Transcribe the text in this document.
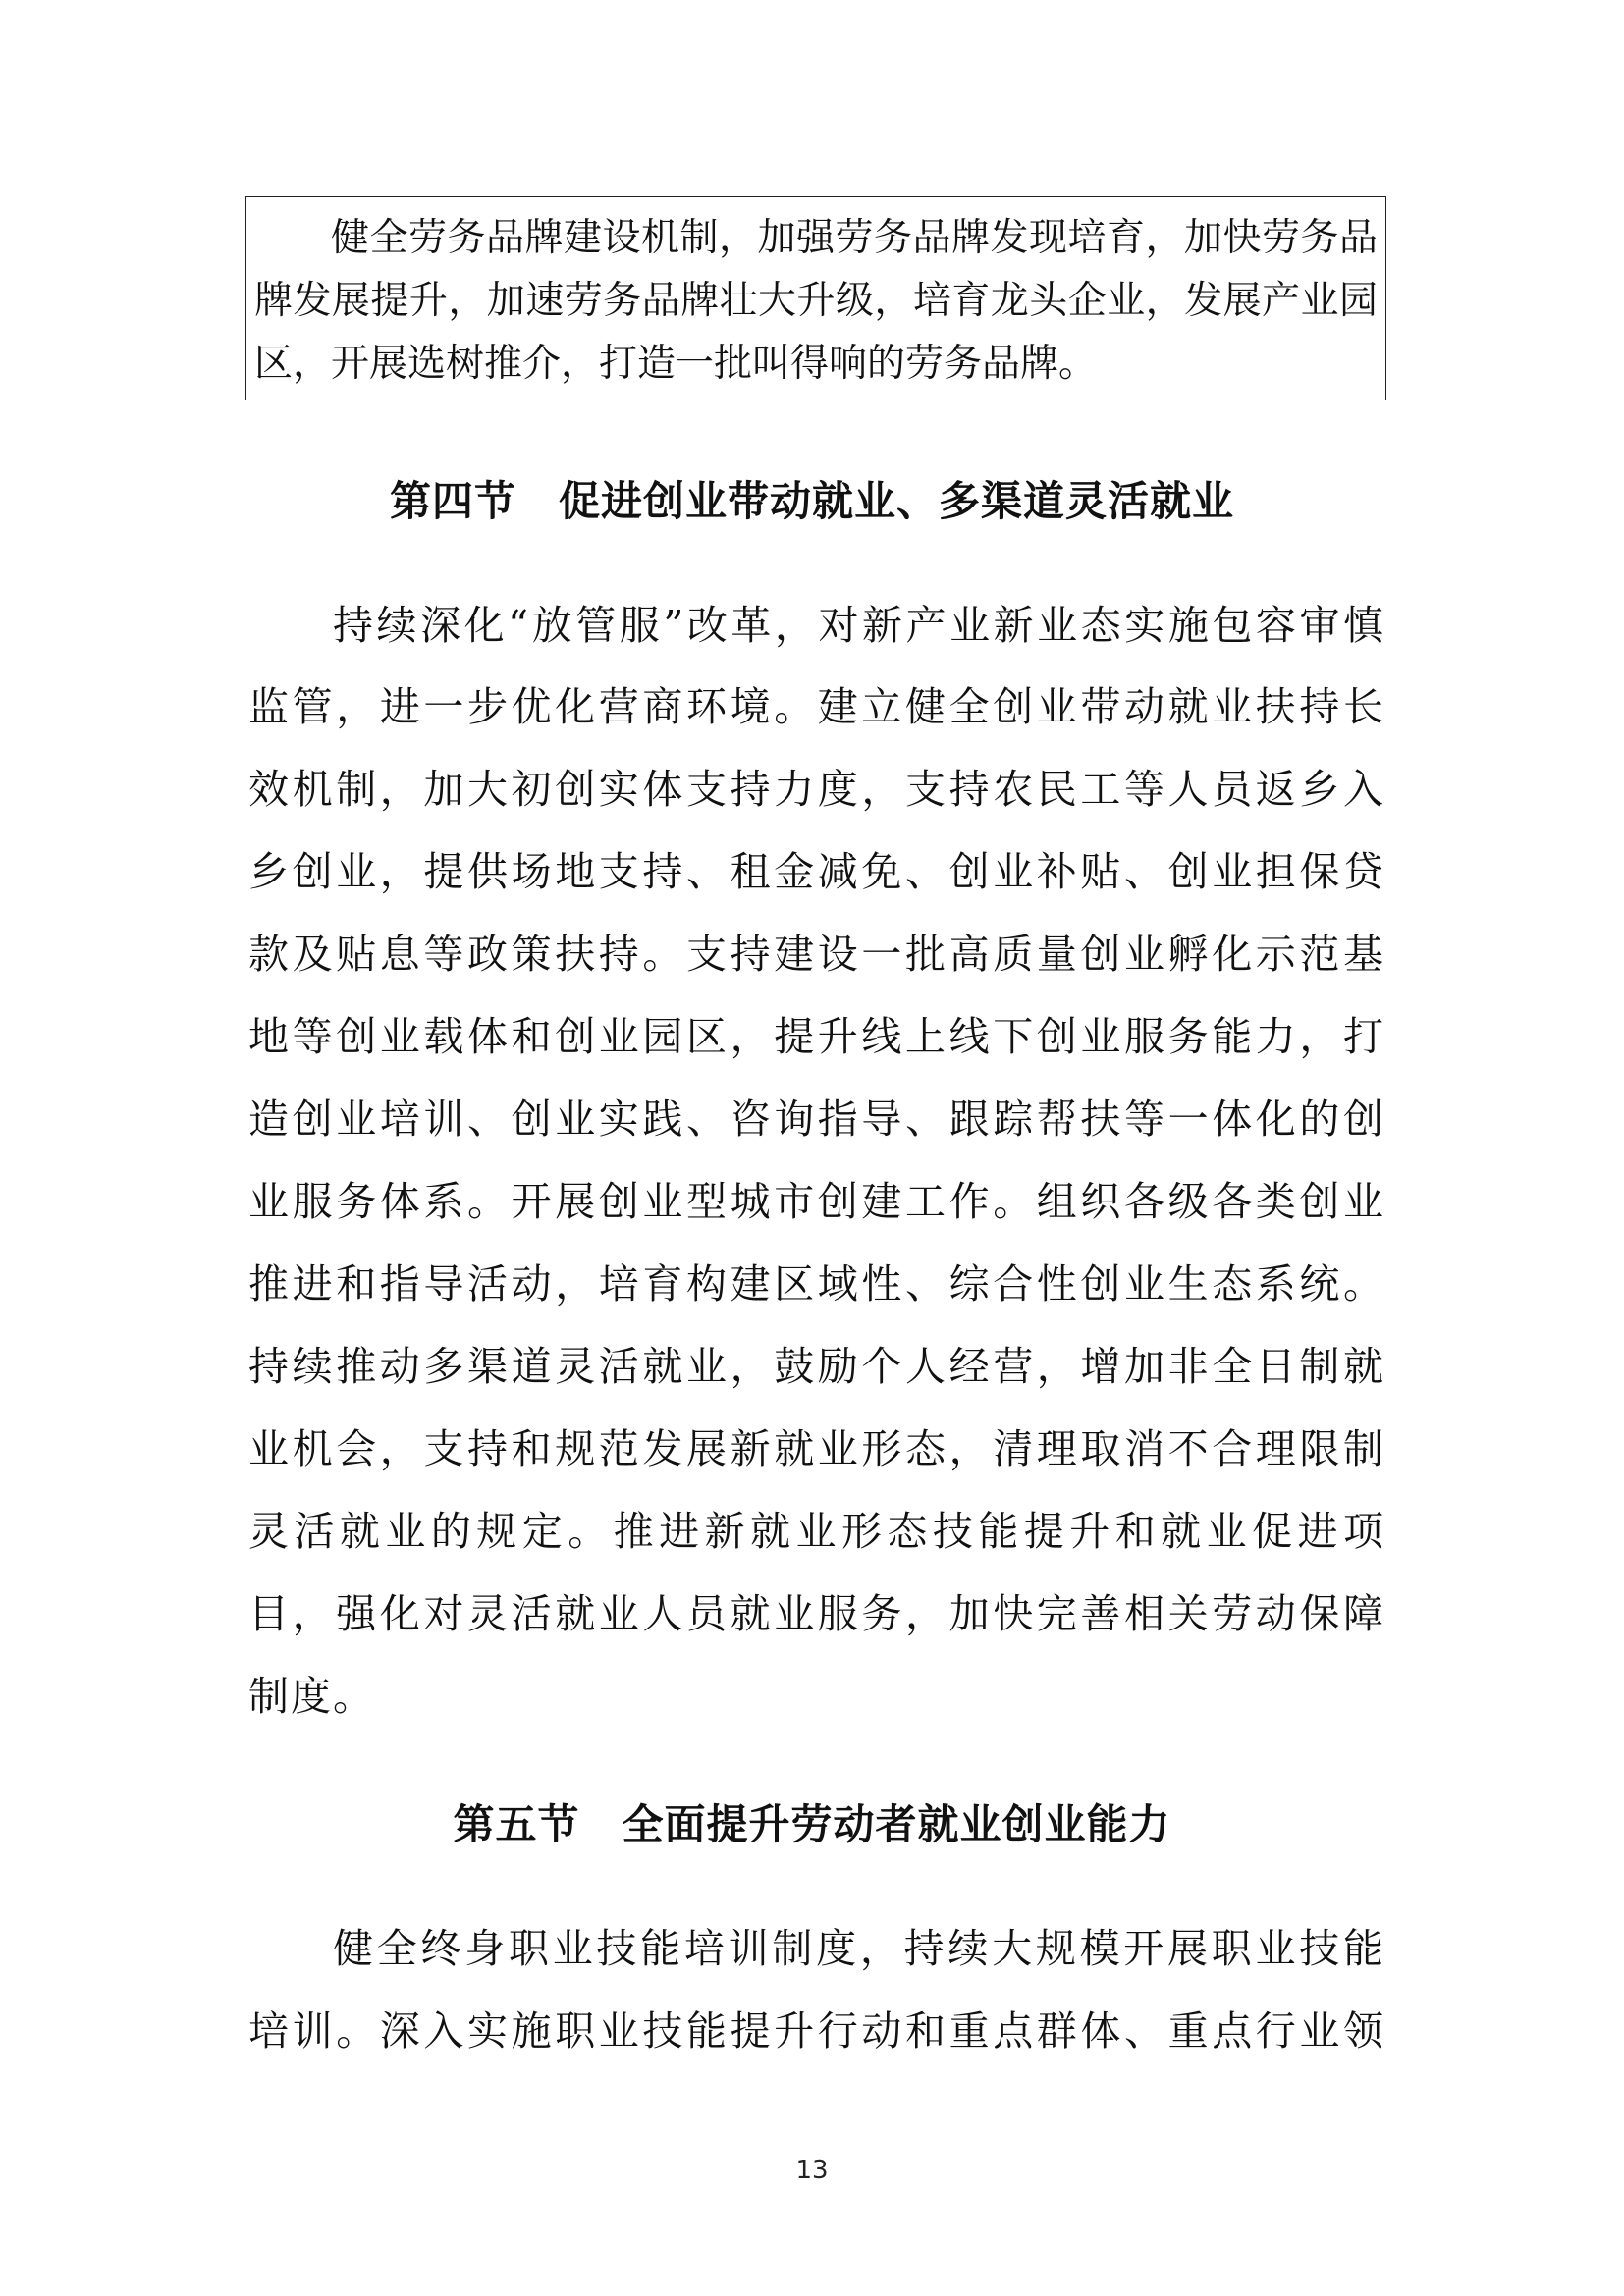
健全劳务品牌建设机制，加强劳务品牌发现培育，加快劳务品
牌发展提升，加速劳务品牌壮大升级，培育龙头企业，发展产业园
区，开展选树推介，打造一批叫得响的劳务品牌。
第四节　促进创业带动就业、多渠道灵活就业
持续深化“放管服”改革，对新产业新业态实施包容审慎
监管，进一步优化营商环境。建立健全创业带动就业扶持长
效机制，加大初创实体支持力度，支持农民工等人员返乡入
乡创业，提供场地支持、租金减免、创业补贴、创业担保贷
款及贴息等政策扶持。支持建设一批高质量创业孵化示范基
地等创业载体和创业园区，提升线上线下创业服务能力，打
造创业培训、创业实践、咨询指导、跟踪帮扶等一体化的创
业服务体系。开展创业型城市创建工作。组织各级各类创业
推进和指导活动，培育构建区域性、综合性创业生态系统。
持续推动多渠道灵活就业，鼓励个人经营，增加非全日制就
业机会，支持和规范发展新就业形态，清理取消不合理限制
灵活就业的规定。推进新就业形态技能提升和就业促进项
目，强化对灵活就业人员就业服务，加快完善相关劳动保障
制度。
第五节　全面提升劳动者就业创业能力
健全终身职业技能培训制度，持续大规模开展职业技能
培训。深入实施职业技能提升行动和重点群体、重点行业领
13
